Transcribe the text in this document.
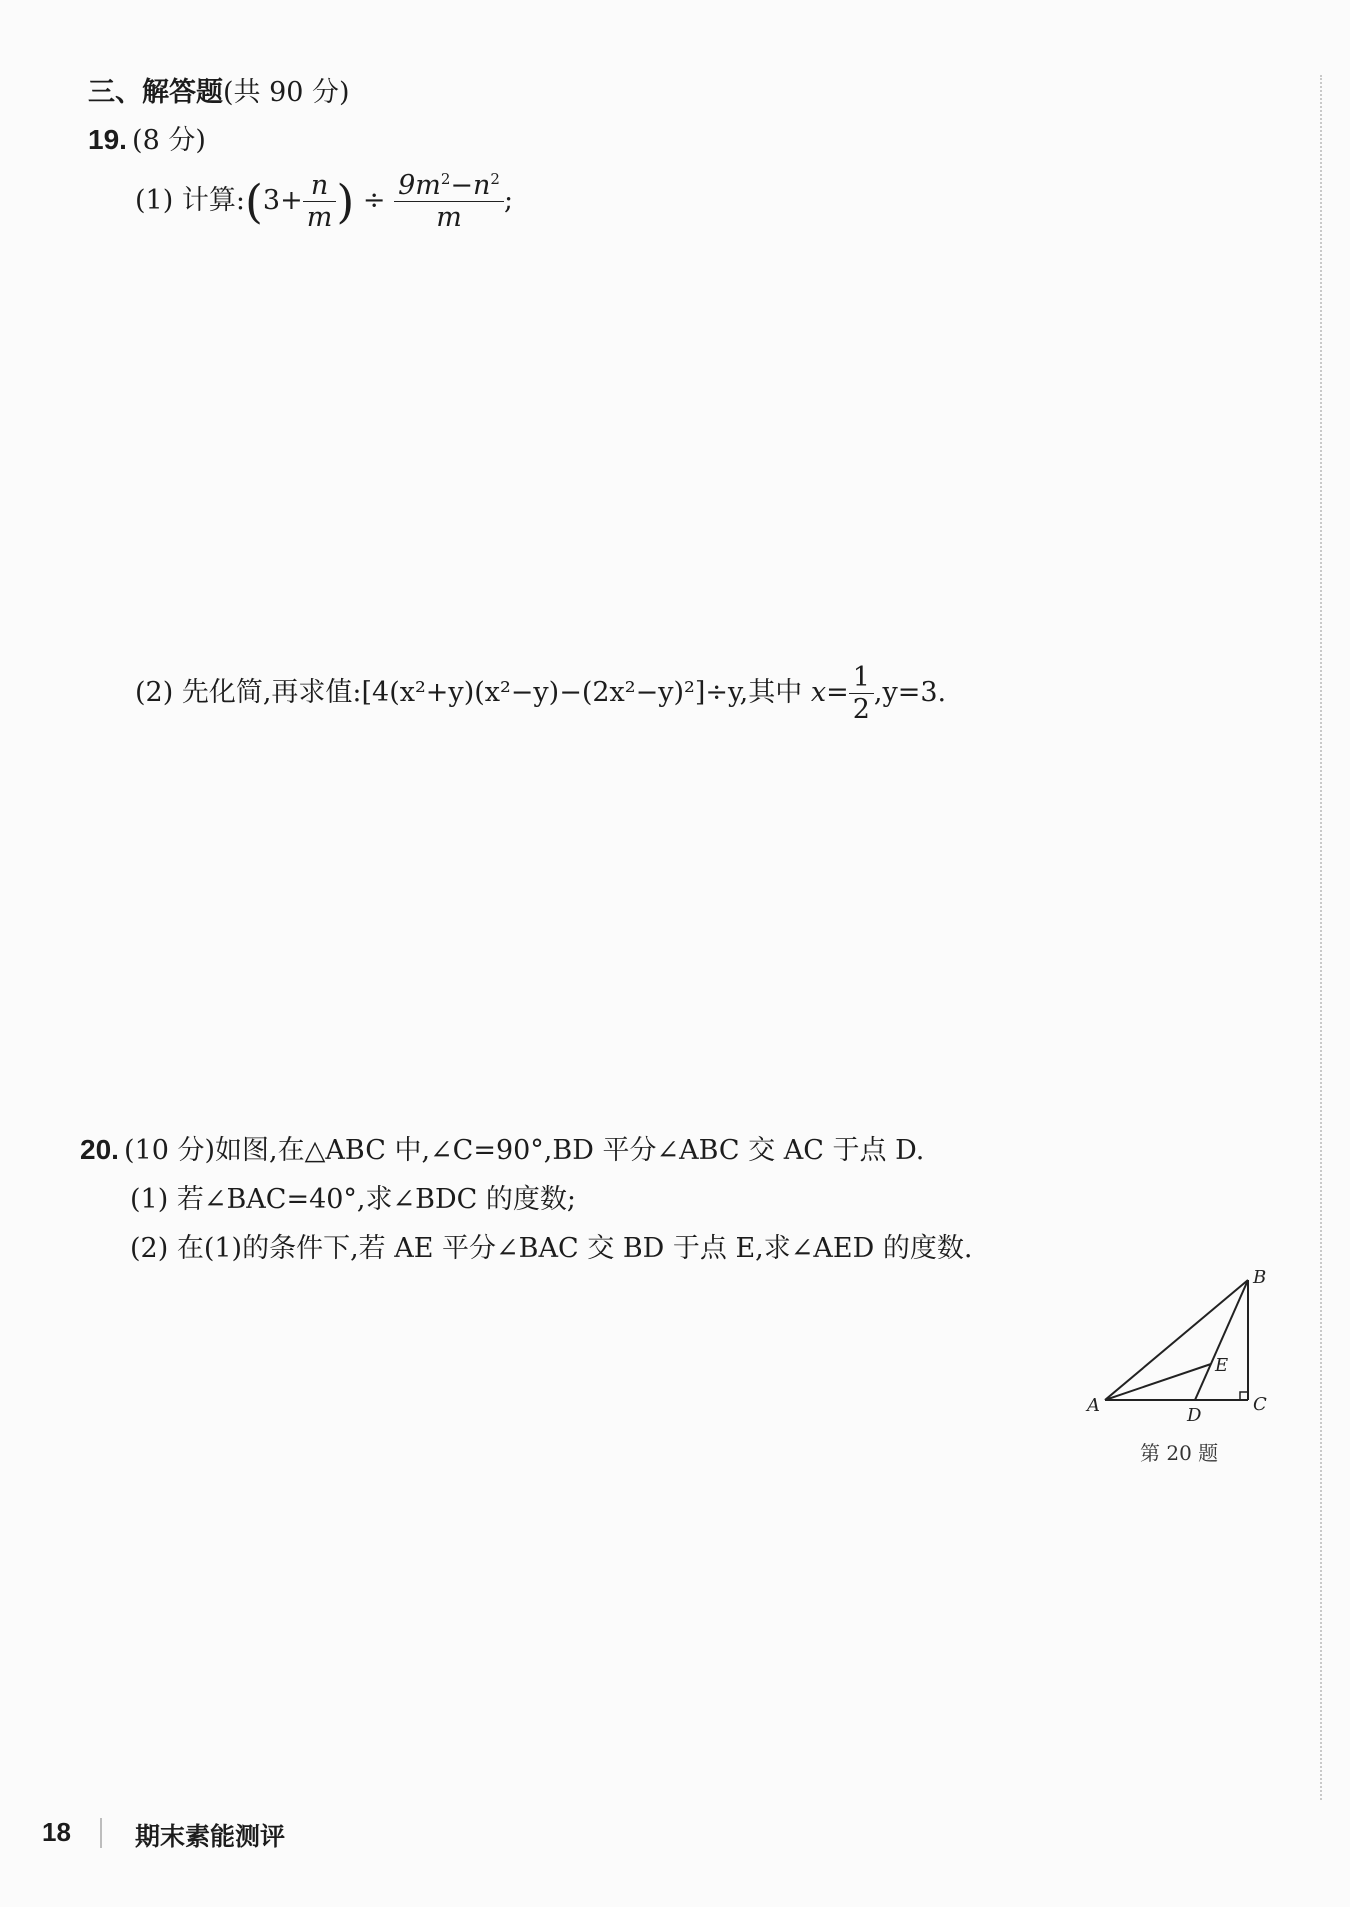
三、解答题(共 90 分)
19. (8 分)
(1) 计算:(3+ $\frac{n}{m}$ ) ÷ $\frac{9m^2-n^2}{m}$ ;
(2) 先化简,再求值:[4(x²+y)(x²−y)−(2x²−y)²]÷y,其中 $x= \frac{1}{2} ,y=3$.
20. (10 分)如图,在△ABC 中,∠C=90°,BD 平分∠ABC 交 AC 于点 D.
(1) 若∠BAC=40°,求∠BDC 的度数;
(2) 在(1)的条件下,若 AE 平分∠BAC 交 BD 于点 E,求∠AED 的度数.
A
B
C
D
E
第 20 题
18	期末素能测评
